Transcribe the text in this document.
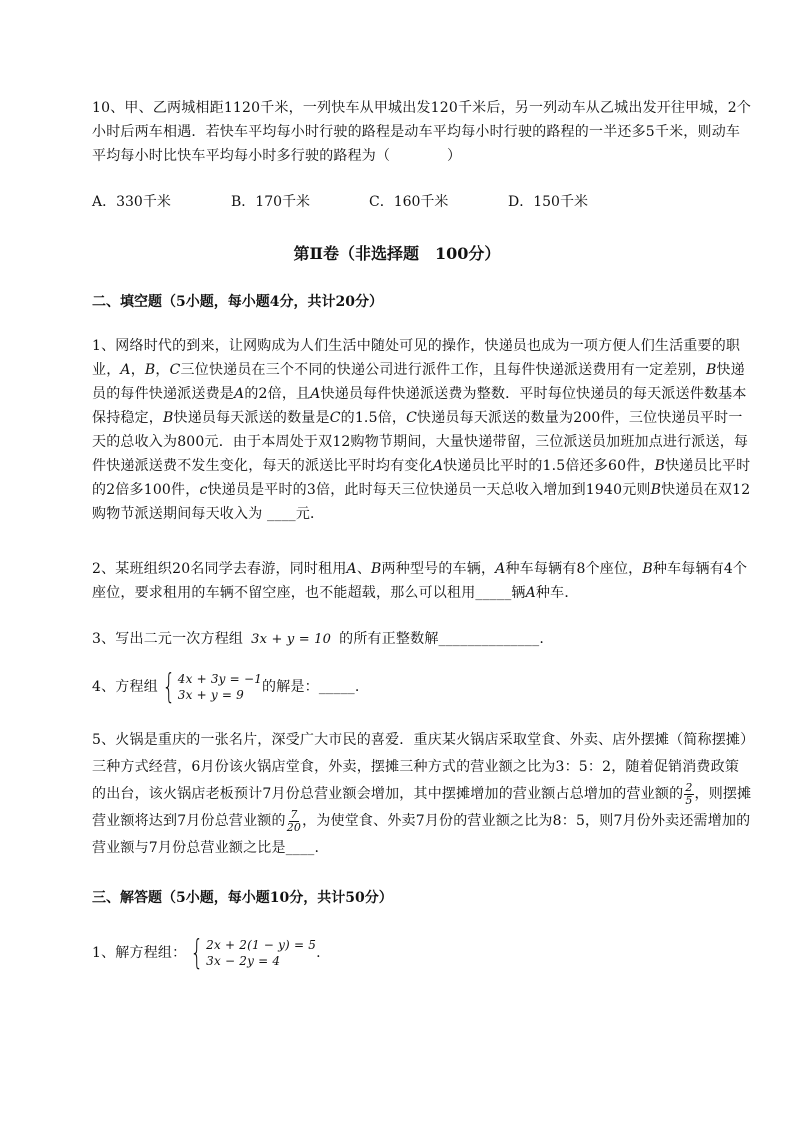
10、甲、乙两城相距1120千米，一列快车从甲城出发120千米后，另一列动车从乙城出发开往甲城，2个小时后两车相遇．若快车平均每小时行驶的路程是动车平均每小时行驶的路程的一半还多5千米，则动车平均每小时比快车平均每小时多行驶的路程为（　　　　）
A．330千米	B．170千米	C．160千米	D．150千米
第Ⅱ卷（非选择题　100分）
二、填空题（5小题，每小题4分，共计20分）
1、网络时代的到来，让网购成为人们生活中随处可见的操作，快递员也成为一项方便人们生活重要的职业，A，B，C三位快递员在三个不同的快递公司进行派件工作，且每件快递派送费用有一定差别，B快递员的每件快递派送费是A的2倍，且A快递员每件快递派送费为整数．平时每位快递员的每天派送件数基本保持稳定，B快递员每天派送的数量是C的1.5倍，C快递员每天派送的数量为200件，三位快递员平时一天的总收入为800元．由于本周处于双12购物节期间，大量快递带留，三位派送员加班加点进行派送，每件快递派送费不发生变化，每天的派送比平时均有变化A快递员比平时的1.5倍还多60件，B快递员比平时的2倍多100件，c快递员是平时的3倍，此时每天三位快递员一天总收入增加到1940元则B快递员在双12购物节派送期间每天收入为 ____元．
2、某班组织20名同学去春游，同时租用A、B两种型号的车辆，A种车每辆有8个座位，B种车每辆有4个座位，要求租用的车辆不留空座，也不能超载，那么可以租用_____辆A种车．
3、写出二元一次方程组 3x + y = 10 的所有正整数解______________.
4、方程组 { 4x + 3y = −1
3x + y = 9	的解是：_____.
5、火锅是重庆的一张名片，深受广大市民的喜爱．重庆某火锅店采取堂食、外卖、店外摆摊（简称摆摊）三种方式经营，6月份该火锅店堂食，外卖，摆摊三种方式的营业额之比为3：5：2，随着促销消费政策的出台，该火锅店老板预计7月份总营业额会增加，其中摆摊增加的营业额占总增加的营业额的 $\frac{2}{5}$ ，则摆摊营业额将达到7月份总营业额的 $\frac{7}{20}$ ，为使堂食、外卖7月份的营业额之比为8：5，则7月份外卖还需增加的营业额与7月份总营业额之比是____.
三、解答题（5小题，每小题10分，共计50分）
1、解方程组： { 2x + 2(1 − y) = 5
3x − 2y = 4	.
